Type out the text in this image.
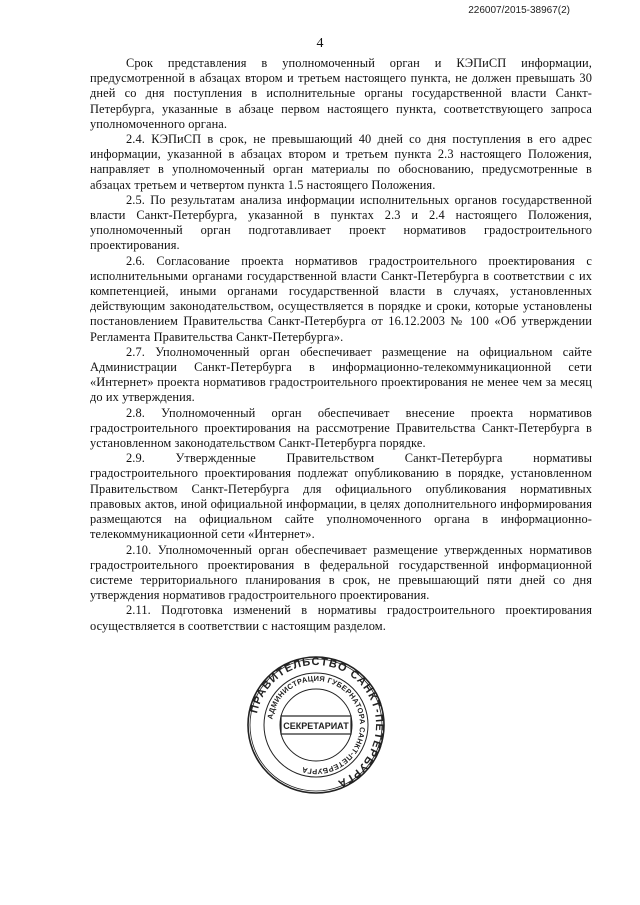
226007/2015-38967(2)
4

Срок представления в уполномоченный орган и КЭПиСП информации, предусмотренной в абзацах втором и третьем настоящего пункта, не должен превышать 30 дней со дня поступления в исполнительные органы государственной власти Санкт-Петербурга, указанные в абзаце первом настоящего пункта, соответствующего запроса уполномоченного органа.

2.4. КЭПиСП в срок, не превышающий 40 дней со дня поступления в его адрес информации, указанной в абзацах втором и третьем пункта 2.3 настоящего Положения, направляет в уполномоченный орган материалы по обоснованию, предусмотренные в абзацах третьем и четвертом пункта 1.5 настоящего Положения.

2.5. По результатам анализа информации исполнительных органов государственной власти Санкт-Петербурга, указанной в пунктах 2.3 и 2.4 настоящего Положения, уполномоченный орган подготавливает проект нормативов градостроительного проектирования.

2.6. Согласование проекта нормативов градостроительного проектирования с исполнительными органами государственной власти Санкт-Петербурга в соответствии с их компетенцией, иными органами государственной власти в случаях, установленных действующим законодательством, осуществляется в порядке и сроки, которые установлены постановлением Правительства Санкт-Петербурга от 16.12.2003 № 100 «Об утверждении Регламента Правительства Санкт-Петербурга».

2.7. Уполномоченный орган обеспечивает размещение на официальном сайте Администрации Санкт-Петербурга в информационно-телекоммуникационной сети «Интернет» проекта нормативов градостроительного проектирования не менее чем за месяц до их утверждения.

2.8. Уполномоченный орган обеспечивает внесение проекта нормативов градостроительного проектирования на рассмотрение Правительства Санкт-Петербурга в установленном законодательством Санкт-Петербурга порядке.

2.9. Утвержденные Правительством Санкт-Петербурга нормативы градостроительного проектирования подлежат опубликованию в порядке, установленном Правительством Санкт-Петербурга для официального опубликования нормативных правовых актов, иной официальной информации, в целях дополнительного информирования размещаются на официальном сайте уполномоченного органа в информационно-телекоммуникационной сети «Интернет».

2.10. Уполномоченный орган обеспечивает размещение утвержденных нормативов градостроительного проектирования в федеральной государственной информационной системе территориального планирования в срок, не превышающий пяти дней со дня утверждения нормативов градостроительного проектирования.

2.11. Подготовка изменений в нормативы градостроительного проектирования осуществляется в соответствии с настоящим разделом.

ПРАВИТЕЛЬСТВО САНКТ-ПЕТЕРБУРГА
АДМИНИСТРАЦИЯ ГУБЕРНАТОРА САНКТ-ПЕТЕРБУРГА
СЕКРЕТАРИАТ
